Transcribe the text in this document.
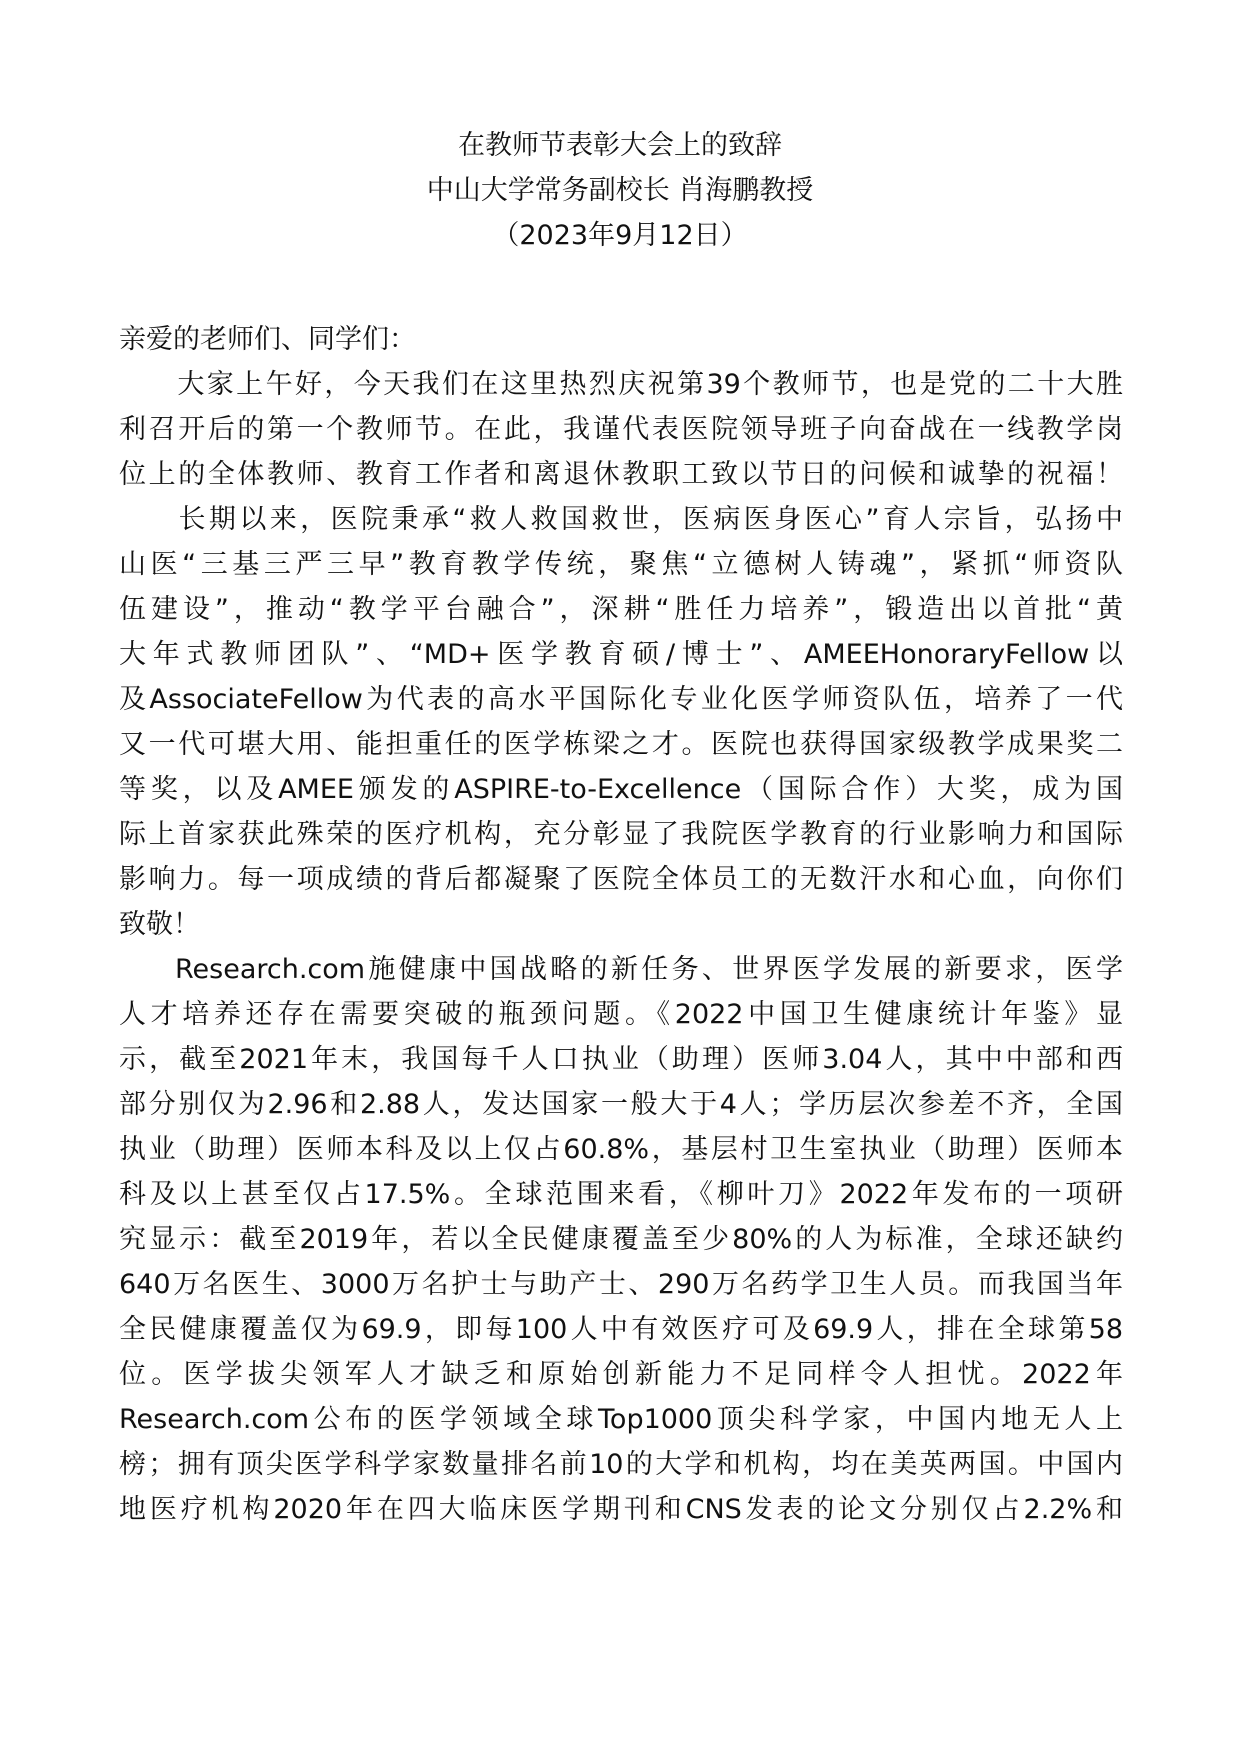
在教师节表彰大会上的致辞
中山大学常务副校长 肖海鹏教授
（2023年9月12日）
亲爱的老师们、同学们：
大家上午好，今天我们在这里热烈庆祝第39个教师节，也是党的二十大胜
利召开后的第一个教师节。在此，我谨代表医院领导班子向奋战在一线教学岗
位上的全体教师、教育工作者和离退休教职工致以节日的问候和诚挚的祝福！
长期以来，医院秉承“救人救国救世，医病医身医心”育人宗旨，弘扬中
山医“三基三严三早”教育教学传统，聚焦“立德树人铸魂”，紧抓“师资队
伍建设”，推动“教学平台融合”，深耕“胜任力培养”，锻造出以首批“黄
大年式教师团队”、“MD+医学教育硕/博士”、AMEEHonoraryFellow以
及AssociateFellow为代表的高水平国际化专业化医学师资队伍，培养了一代
又一代可堪大用、能担重任的医学栋梁之才。医院也获得国家级教学成果奖二
等奖，以及AMEE颁发的ASPIRE-to-Excellence（国际合作）大奖，成为国
际上首家获此殊荣的医疗机构，充分彰显了我院医学教育的行业影响力和国际
影响力。每一项成绩的背后都凝聚了医院全体员工的无数汗水和心血，向你们
致敬！
Research.com施健康中国战略的新任务、世界医学发展的新要求，医学
人才培养还存在需要突破的瓶颈问题。《2022中国卫生健康统计年鉴》显
示，截至2021年末，我国每千人口执业（助理）医师3.04人，其中中部和西
部分别仅为2.96和2.88人，发达国家一般大于4人；学历层次参差不齐，全国
执业（助理）医师本科及以上仅占60.8%，基层村卫生室执业（助理）医师本
科及以上甚至仅占17.5%。全球范围来看，《柳叶刀》2022年发布的一项研
究显示：截至2019年，若以全民健康覆盖至少80%的人为标准，全球还缺约
640万名医生、3000万名护士与助产士、290万名药学卫生人员。而我国当年
全民健康覆盖仅为69.9，即每100人中有效医疗可及69.9人，排在全球第58
位。医学拔尖领军人才缺乏和原始创新能力不足同样令人担忧。2022年
Research.com公布的医学领域全球Top1000顶尖科学家，中国内地无人上
榜；拥有顶尖医学科学家数量排名前10的大学和机构，均在美英两国。中国内
地医疗机构2020年在四大临床医学期刊和CNS发表的论文分别仅占2.2%和
